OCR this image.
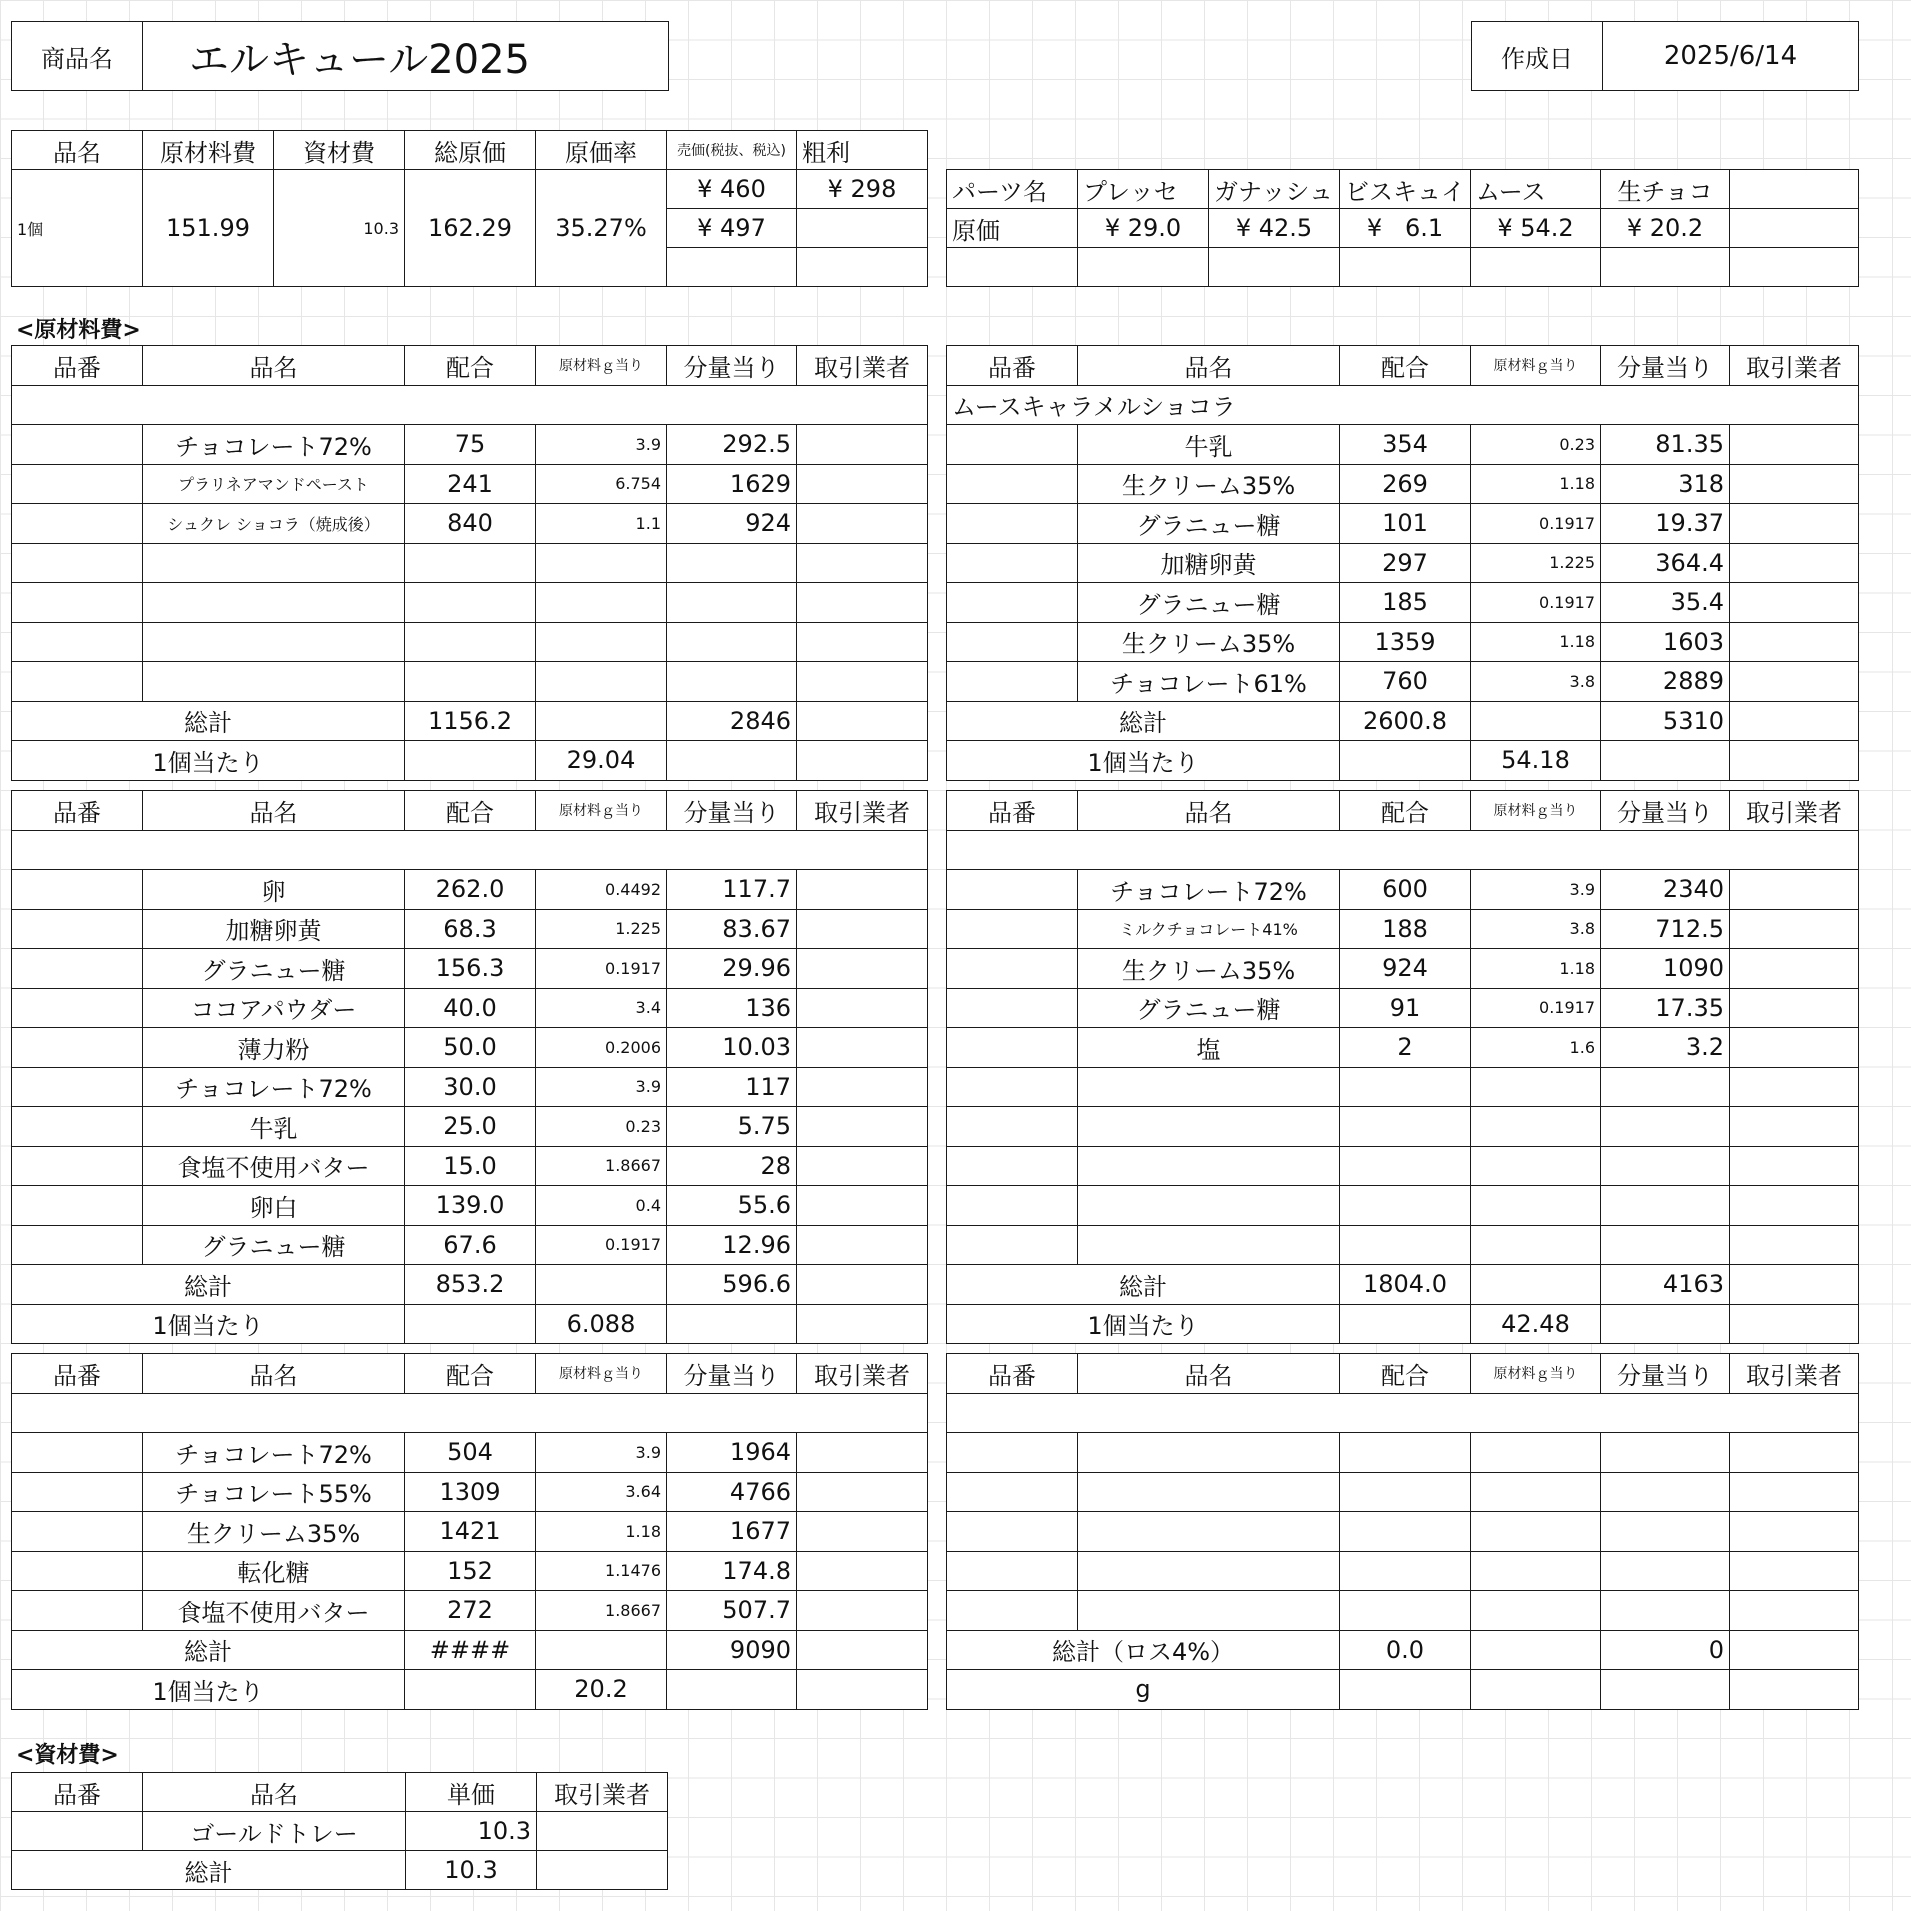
商品名	エルキュール2025	作成日	2025/6/14
品名	原材料費	資材費	総原価	原価率	売価(税抜、税込)	粗利
1個	151.99	10.3	162.29	35.27%	¥ 460	¥ 298
					¥ 497	

パーツ名	プレッセ	ガナッシュ	ビスキュイ	ムース	生チョコ	
原価	¥ 29.0	¥ 42.5	¥   6.1	¥ 54.2	¥ 20.2	

<原材料費>
品番	品名	配合	原材料ｇ当り	分量当り	取引業者

	チョコレート72%	75	3.9	292.5	
	プラリネアマンドペースト	241	6.754	1629	
	シュクレ ショコラ（焼成後）	840	1.1	924	

総計		1156.2		2846	
1個当たり			29.04		
品番	品名	配合	原材料ｇ当り	分量当り	取引業者
ムースキャラメルショコラ					
	牛乳	354	0.23	81.35	
	生クリーム35%	269	1.18	318	
	グラニュー糖	101	0.1917	19.37	
	加糖卵黄	297	1.225	364.4	
	グラニュー糖	185	0.1917	35.4	
	生クリーム35%	1359	1.18	1603	
	チョコレート61%	760	3.8	2889	
総計		2600.8		5310	
1個当たり			54.18		
品番	品名	配合	原材料ｇ当り	分量当り	取引業者

	卵	262.0	0.4492	117.7	
	加糖卵黄	68.3	1.225	83.67	
	グラニュー糖	156.3	0.1917	29.96	
	ココアパウダー	40.0	3.4	136	
	薄力粉	50.0	0.2006	10.03	
	チョコレート72%	30.0	3.9	117	
	牛乳	25.0	0.23	5.75	
	食塩不使用バター	15.0	1.8667	28	
	卵白	139.0	0.4	55.6	
	グラニュー糖	67.6	0.1917	12.96	
総計		853.2		596.6	
1個当たり			6.088		
品番	品名	配合	原材料ｇ当り	分量当り	取引業者

	チョコレート72%	600	3.9	2340	
	ミルクチョコレート41%	188	3.8	712.5	
	生クリーム35%	924	1.18	1090	
	グラニュー糖	91	0.1917	17.35	
	塩	2	1.6	3.2	

総計		1804.0		4163	
1個当たり			42.48		
品番	品名	配合	原材料ｇ当り	分量当り	取引業者

	チョコレート72%	504	3.9	1964	
	チョコレート55%	1309	3.64	4766	
	生クリーム35%	1421	1.18	1677	
	転化糖	152	1.1476	174.8	
	食塩不使用バター	272	1.8667	507.7	
総計		####		9090	
1個当たり			20.2		
品番	品名	配合	原材料ｇ当り	分量当り	取引業者

総計（ロス4%）		0.0		0	
g					
<資材費>
品番	品名	単価	取引業者
	ゴールドトレー	10.3	
総計		10.3	
